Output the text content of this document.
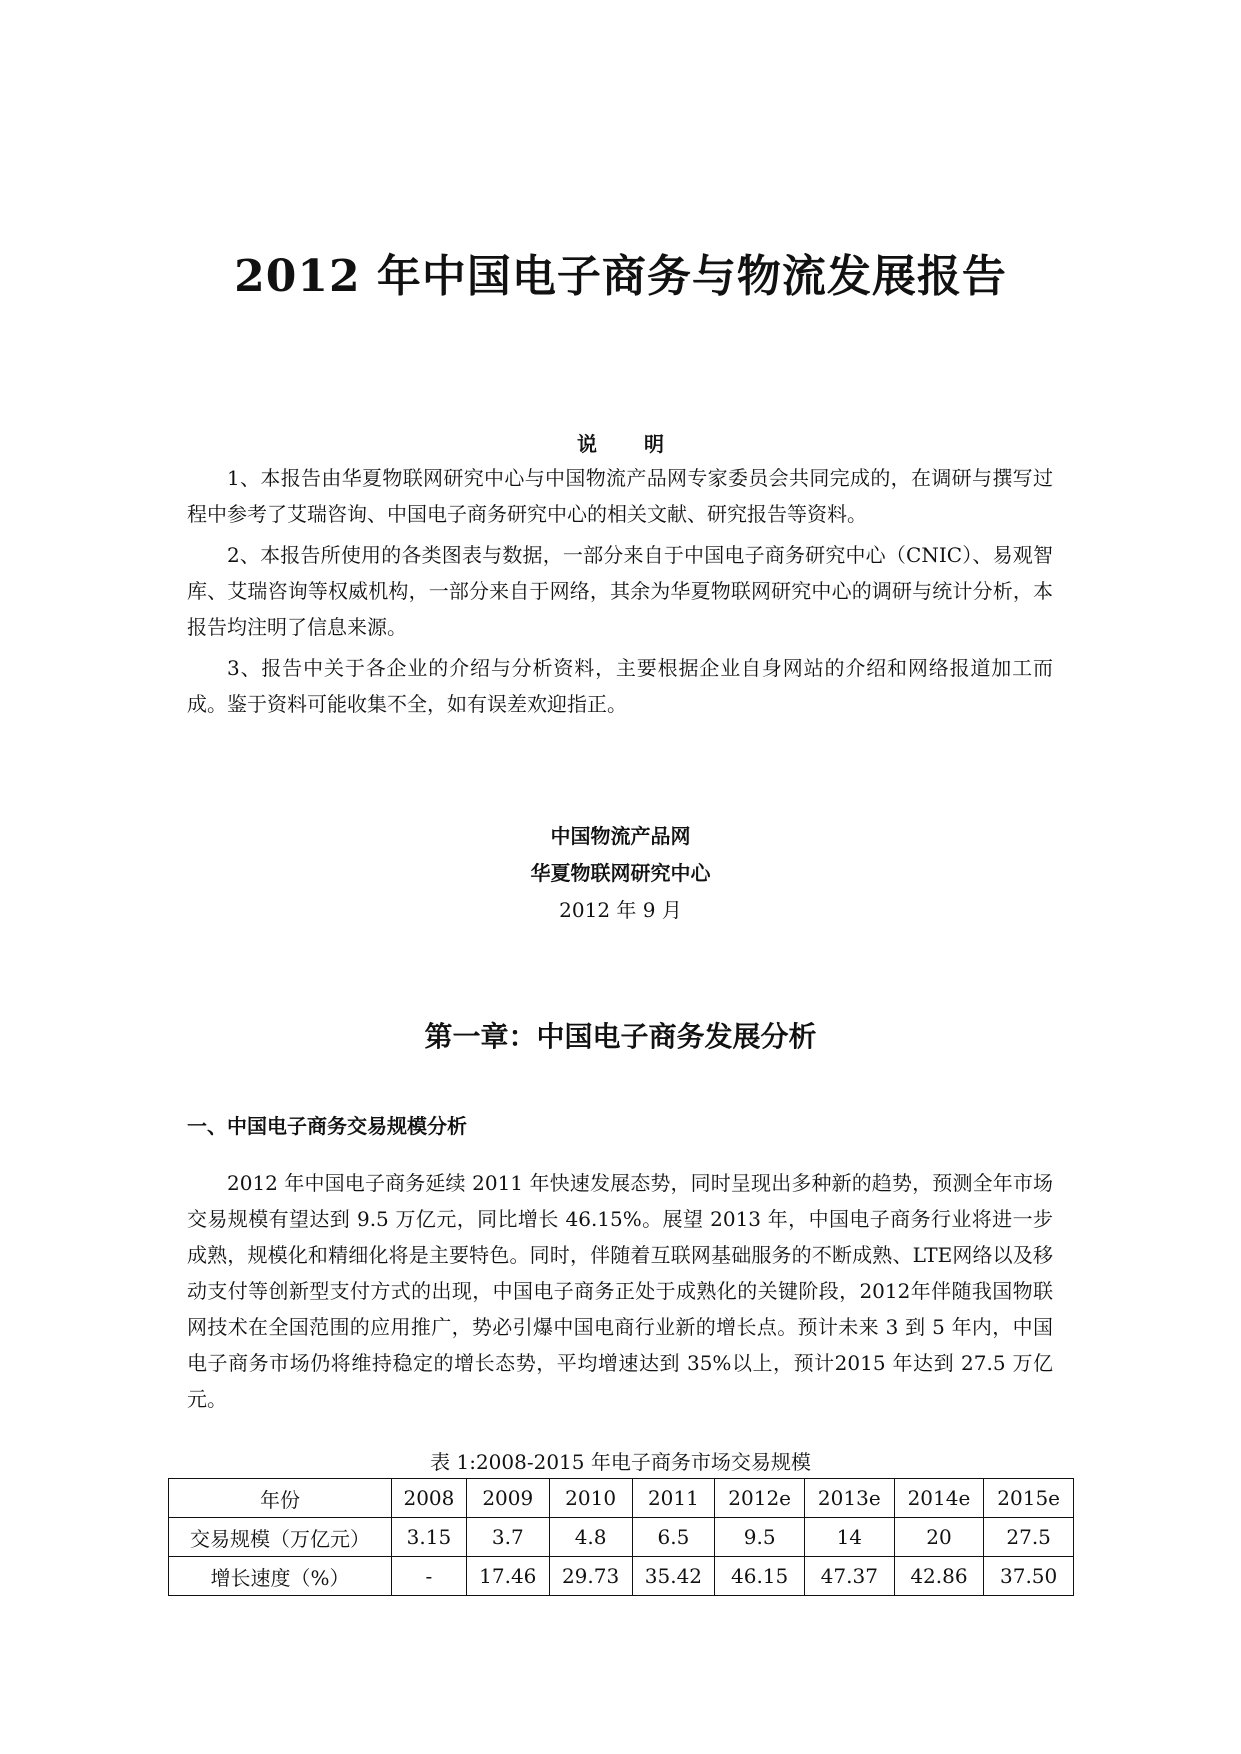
2012 年中国电子商务与物流发展报告
说 明

1、本报告由华夏物联网研究中心与中国物流产品网专家委员会共同完成的，在调研与撰写过程中参考了艾瑞咨询、中国电子商务研究中心的相关文献、研究报告等资料。

2、本报告所使用的各类图表与数据，一部分来自于中国电子商务研究中心（CNIC）、易观智库、艾瑞咨询等权威机构，一部分来自于网络，其余为华夏物联网研究中心的调研与统计分析，本报告均注明了信息来源。

3、报告中关于各企业的介绍与分析资料，主要根据企业自身网站的介绍和网络报道加工而成。鉴于资料可能收集不全，如有误差欢迎指正。

中国物流产品网
华夏物联网研究中心
2012 年 9 月
第一章：中国电子商务发展分析
一、中国电子商务交易规模分析

2012 年中国电子商务延续 2011 年快速发展态势，同时呈现出多种新的趋势，预测全年市场交易规模有望达到 9.5 万亿元，同比增长 46.15%。展望 2013 年，中国电子商务行业将进一步成熟，规模化和精细化将是主要特色。同时，伴随着互联网基础服务的不断成熟、LTE网络以及移动支付等创新型支付方式的出现，中国电子商务正处于成熟化的关键阶段，2012年伴随我国物联网技术在全国范围的应用推广，势必引爆中国电商行业新的增长点。预计未来 3 到 5 年内，中国电子商务市场仍将维持稳定的增长态势，平均增速达到 35%以上，预计2015 年达到 27.5 万亿元。

表 1:2008-2015 年电子商务市场交易规模
年份	2008	2009	2010	2011	2012e	2013e	2014e	2015e
交易规模（万亿元）	3.15	3.7	4.8	6.5	9.5	14	20	27.5
增长速度（%）	-	17.46	29.73	35.42	46.15	47.37	42.86	37.50
